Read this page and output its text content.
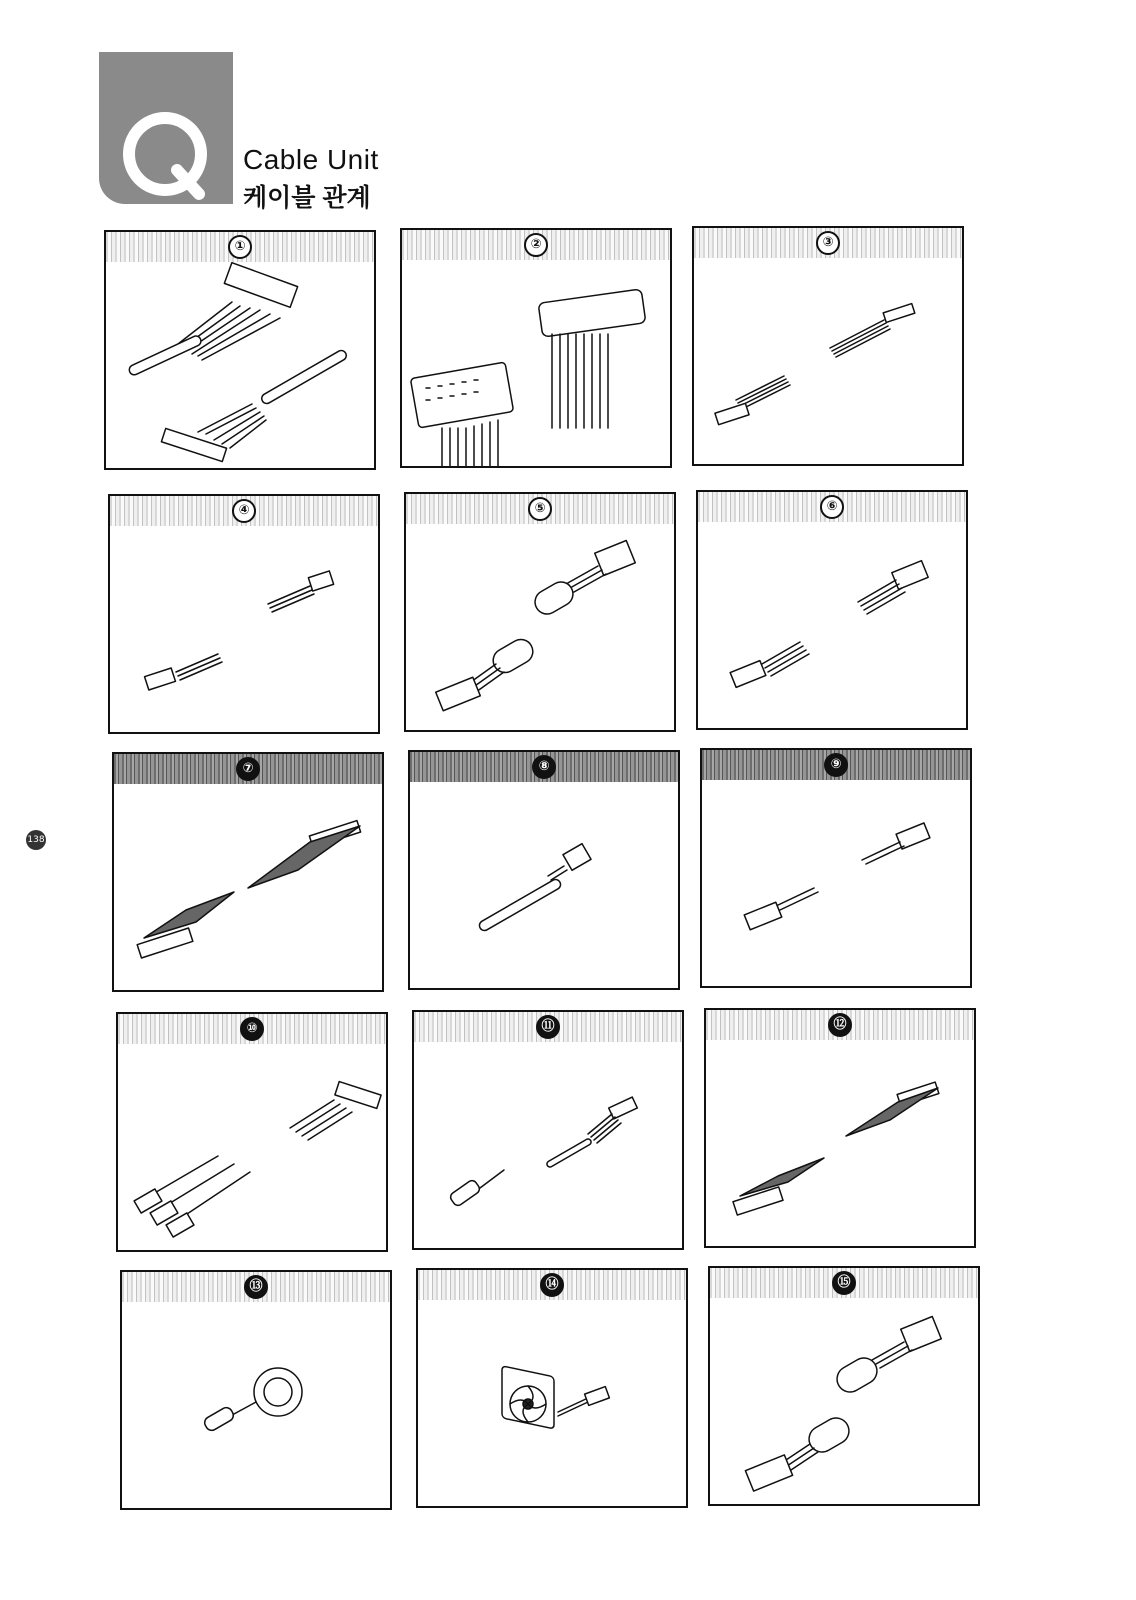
Cable Unit
케이블 관계
138
①	②	③
④	⑤	⑥
⑦	⑧	⑨
⑩	⑪	⑫
⑬	⑭	⑮
